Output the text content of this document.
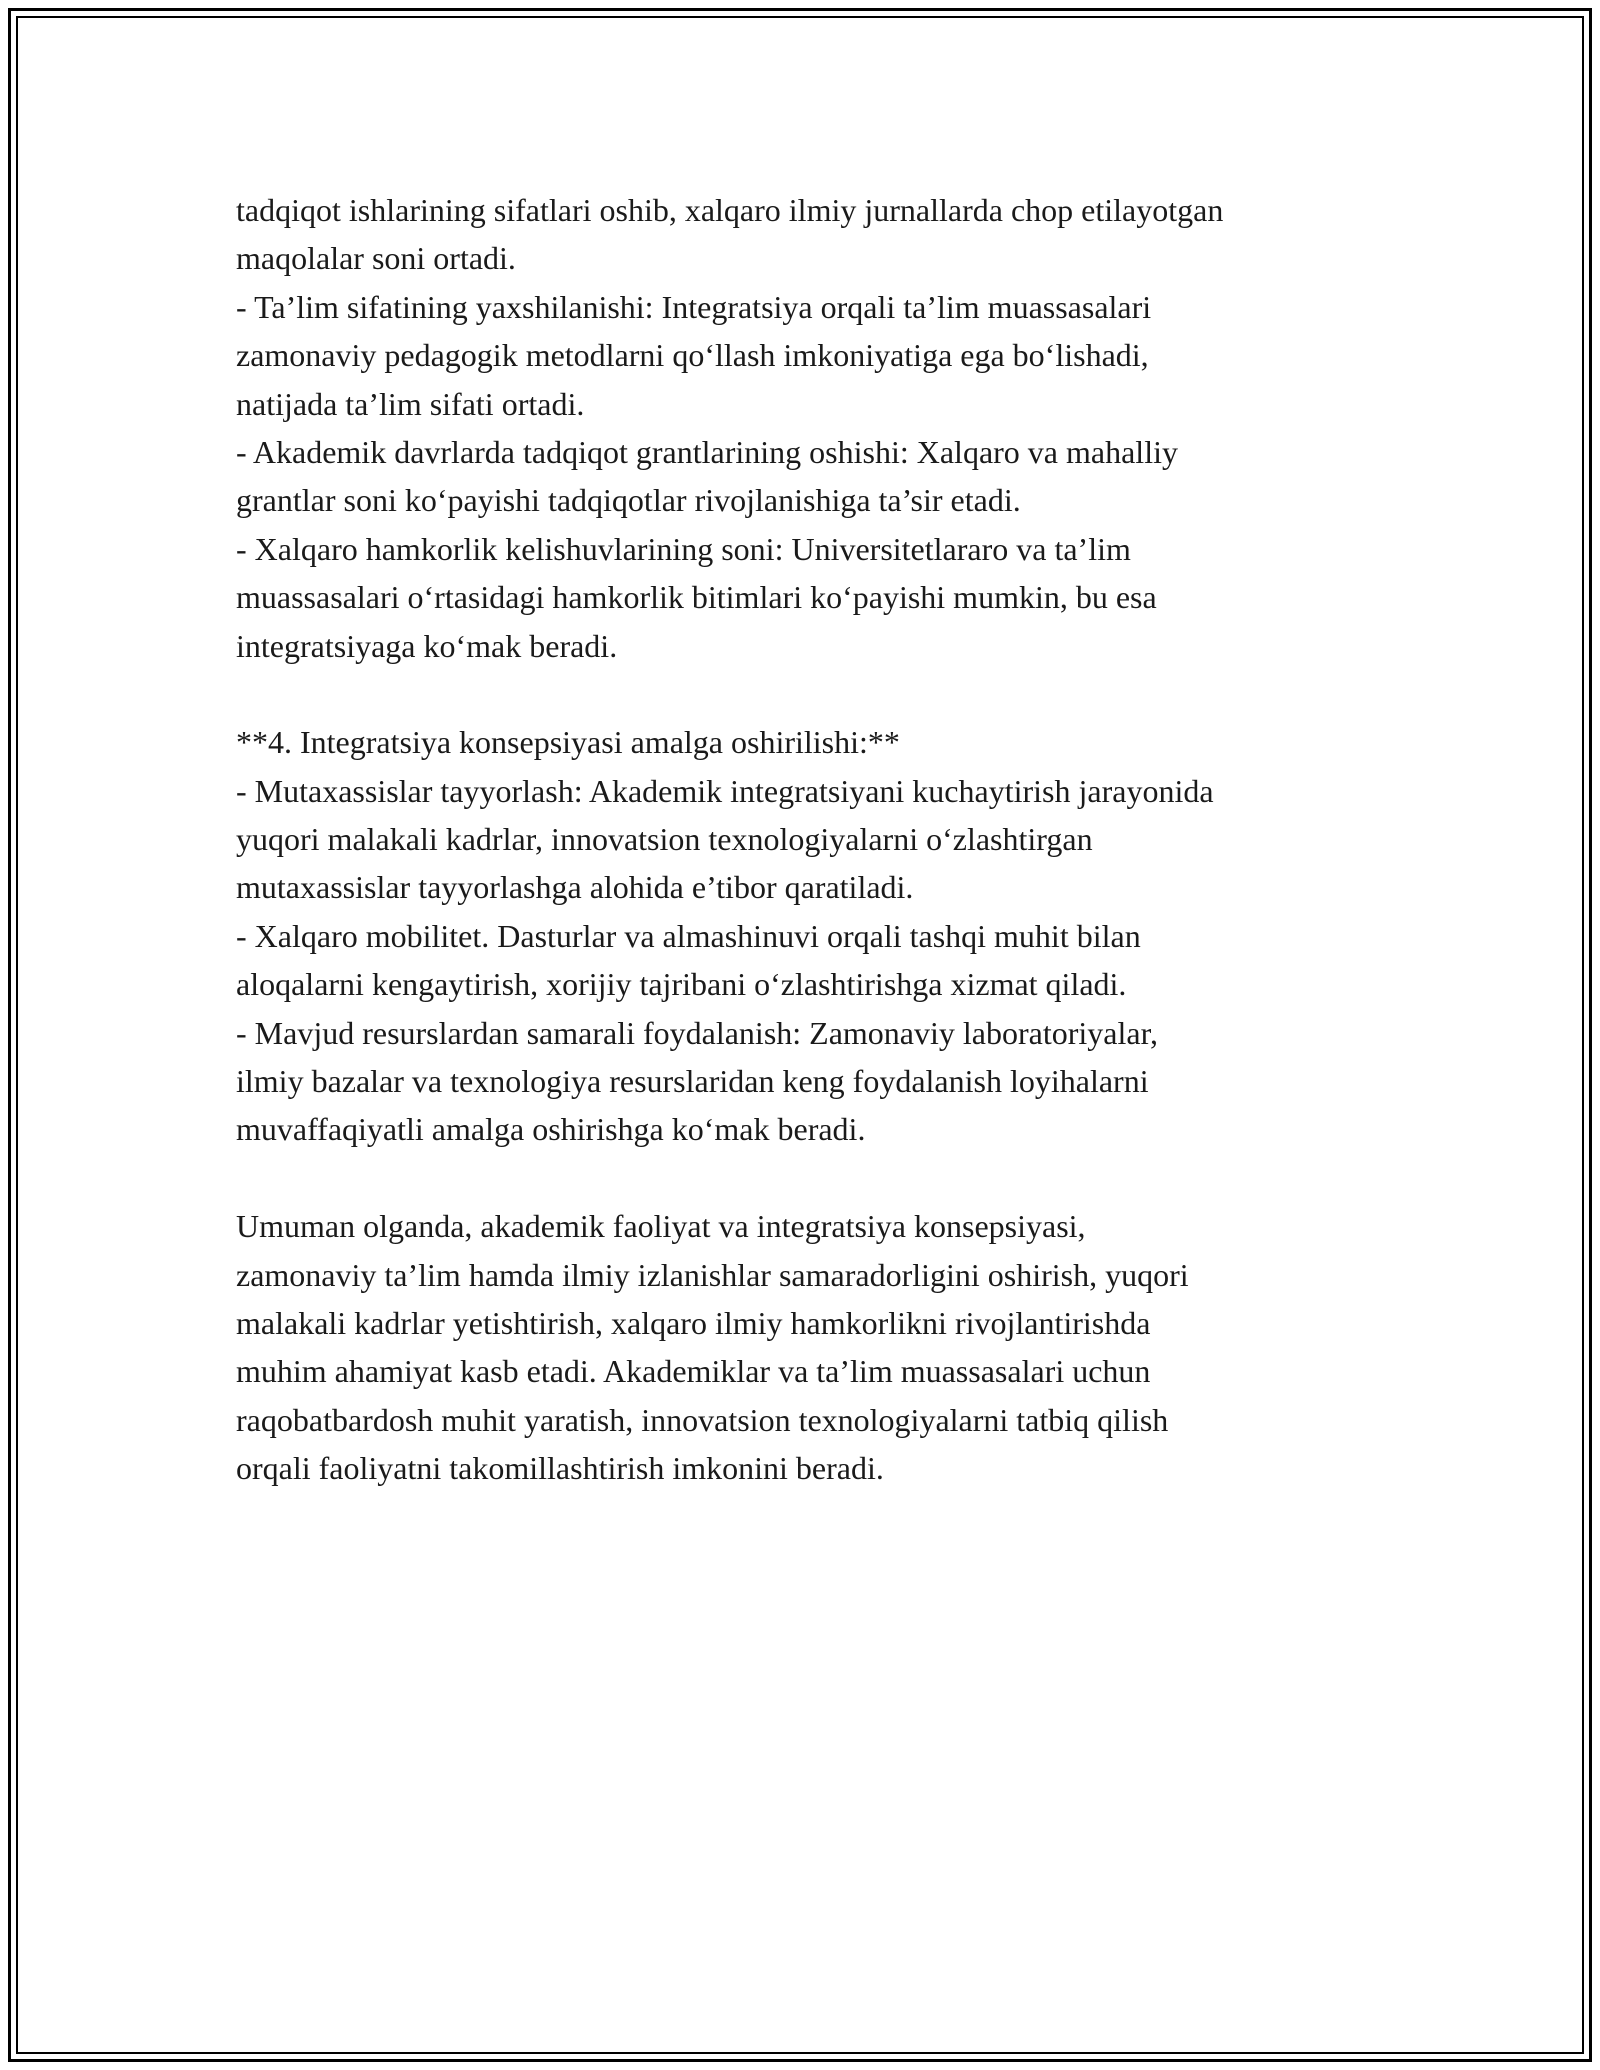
tadqiqot ishlarining sifatlari oshib, xalqaro ilmiy jurnallarda chop etilayotgan
maqolalar soni ortadi.
- Ta’lim sifatining yaxshilanishi: Integratsiya orqali ta’lim muassasalari
zamonaviy pedagogik metodlarni qo‘llash imkoniyatiga ega bo‘lishadi,
natijada ta’lim sifati ortadi.
- Akademik davrlarda tadqiqot grantlarining oshishi: Xalqaro va mahalliy
grantlar soni ko‘payishi tadqiqotlar rivojlanishiga ta’sir etadi.
- Xalqaro hamkorlik kelishuvlarining soni: Universitetlararo va ta’lim
muassasalari o‘rtasidagi hamkorlik bitimlari ko‘payishi mumkin, bu esa
integratsiyaga ko‘mak beradi.
**4. Integratsiya konsepsiyasi amalga oshirilishi:**
- Mutaxassislar tayyorlash: Akademik integratsiyani kuchaytirish jarayonida
yuqori malakali kadrlar, innovatsion texnologiyalarni o‘zlashtirgan
mutaxassislar tayyorlashga alohida e’tibor qaratiladi.
- Xalqaro mobilitet. Dasturlar va almashinuvi orqali tashqi muhit bilan
aloqalarni kengaytirish, xorijiy tajribani o‘zlashtirishga xizmat qiladi.
- Mavjud resurslardan samarali foydalanish: Zamonaviy laboratoriyalar,
ilmiy bazalar va texnologiya resurslaridan keng foydalanish loyihalarni
muvaffaqiyatli amalga oshirishga ko‘mak beradi.
Umuman olganda, akademik faoliyat va integratsiya konsepsiyasi,
zamonaviy ta’lim hamda ilmiy izlanishlar samaradorligini oshirish, yuqori
malakali kadrlar yetishtirish, xalqaro ilmiy hamkorlikni rivojlantirishda
muhim ahamiyat kasb etadi. Akademiklar va ta’lim muassasalari uchun
raqobatbardosh muhit yaratish, innovatsion texnologiyalarni tatbiq qilish
orqali faoliyatni takomillashtirish imkonini beradi.
